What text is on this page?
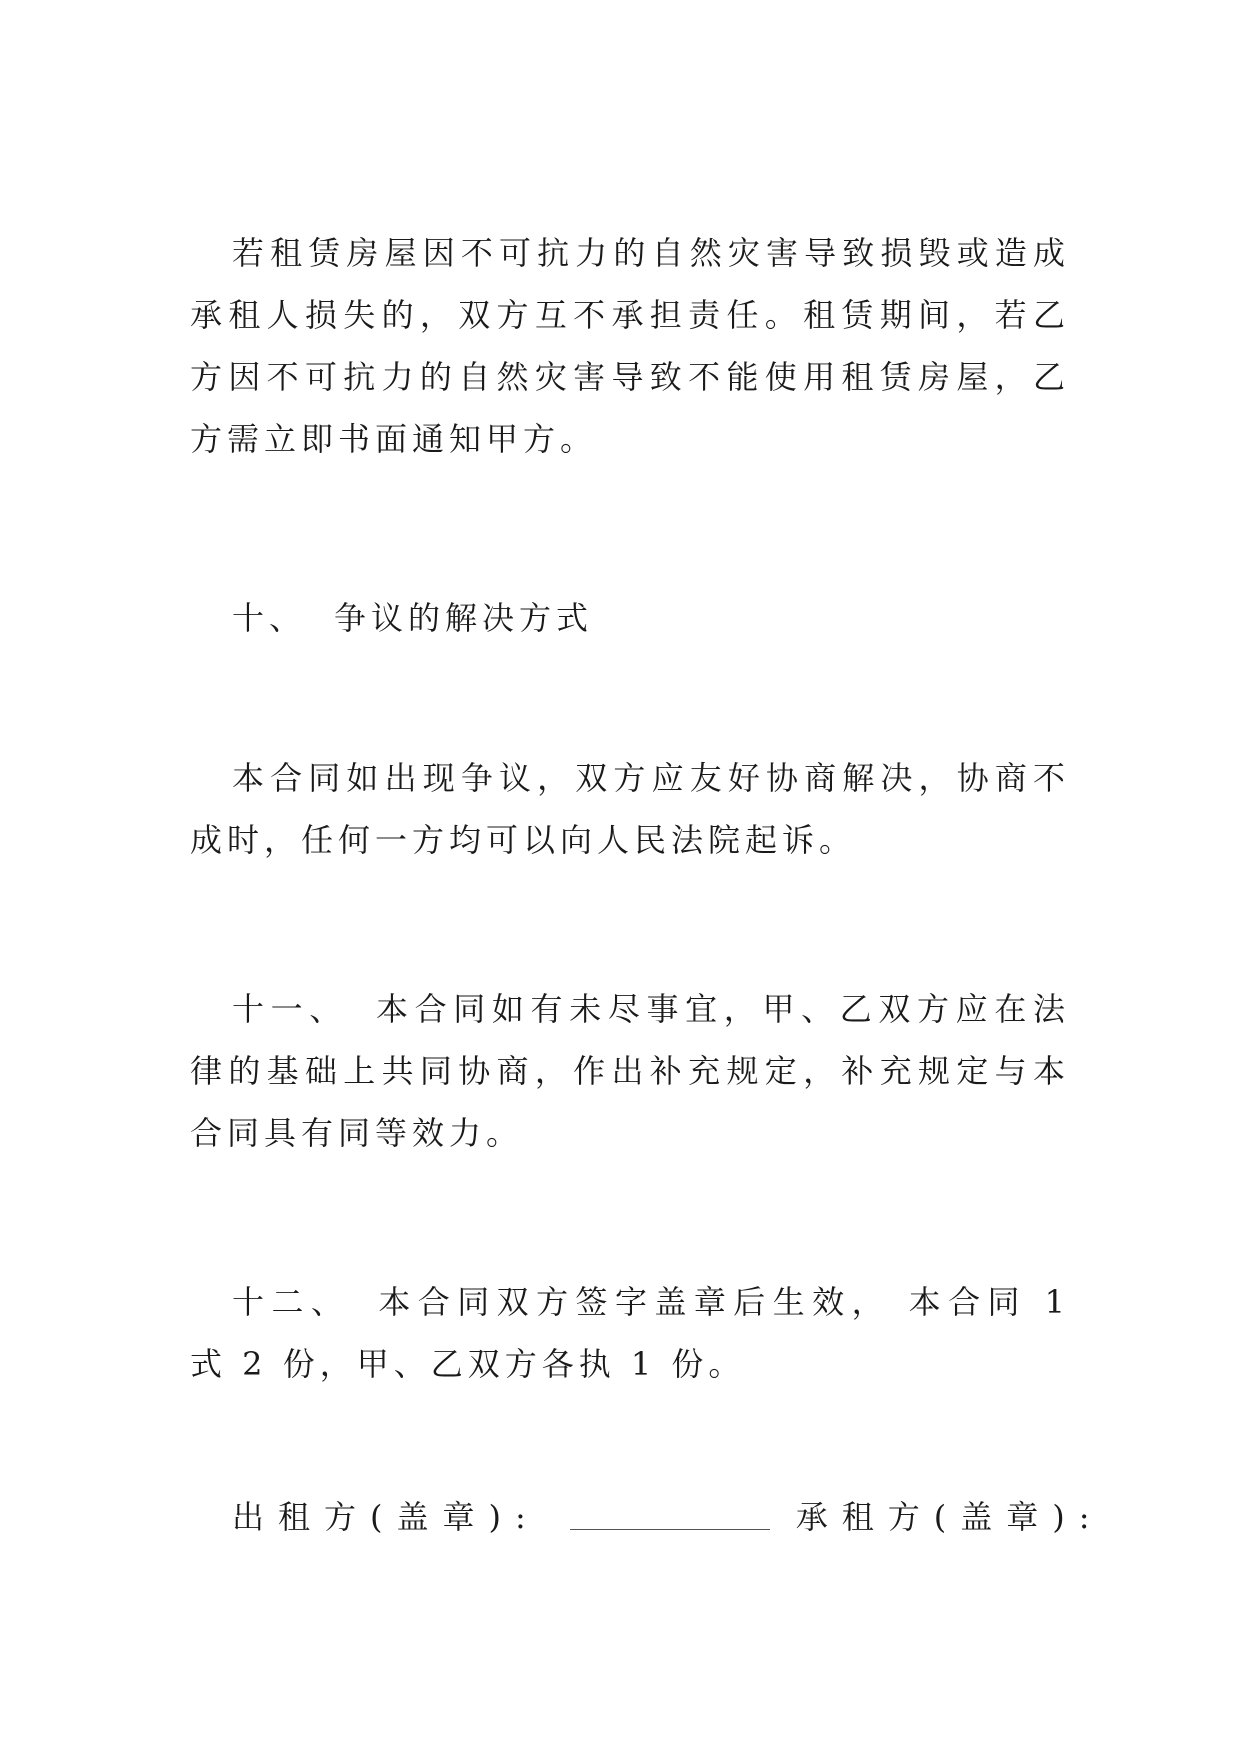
若租赁房屋因不可抗力的自然灾害导致损毁或造成承租人损失的，双方互不承担责任。租赁期间，若乙方因不可抗力的自然灾害导致不能使用租赁房屋，乙方需立即书面通知甲方。

十、 争议的解决方式

本合同如出现争议，双方应友好协商解决，协商不成时，任何一方均可以向人民法院起诉。

十一、 本合同如有未尽事宜，甲、乙双方应在法律的基础上共同协商，作出补充规定，补充规定与本合同具有同等效力。

十二、 本合同双方签字盖章后生效， 本合同 1 式 2 份，甲、乙双方各执 1 份。

出租方(盖章):	承租方(盖章):
